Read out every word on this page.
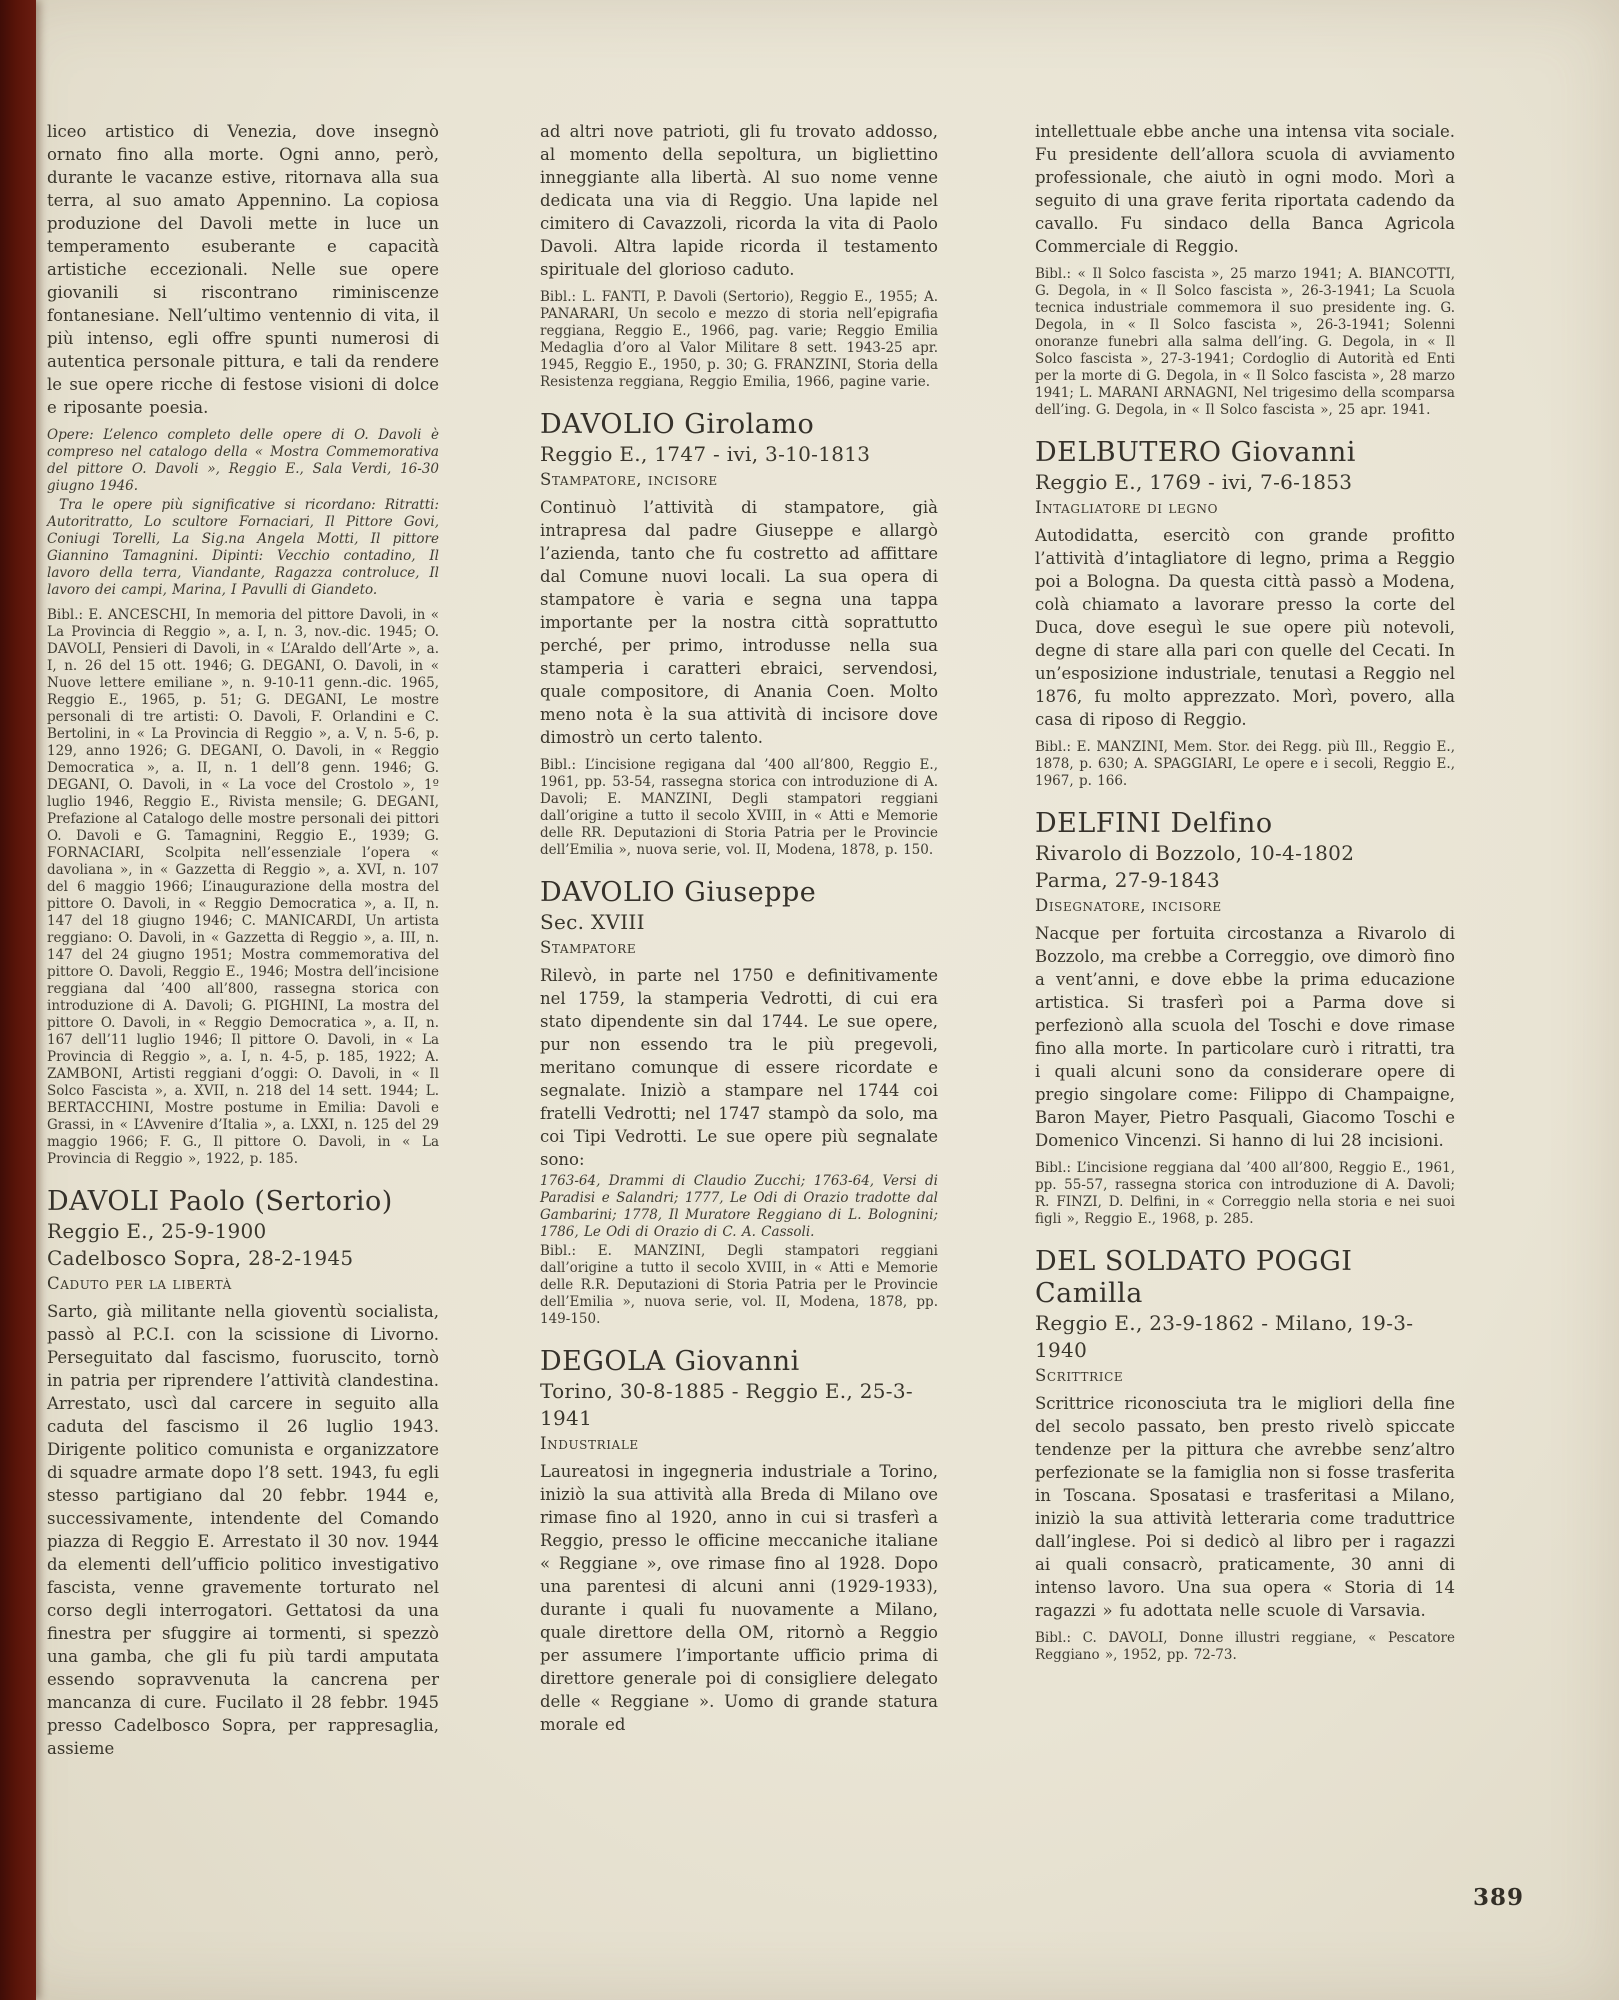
liceo artistico di Venezia, dove insegnò ornato fino alla morte. Ogni anno, però, durante le vacanze estive, ritornava alla sua terra, al suo amato Appennino. La copiosa produzione del Davoli mette in luce un temperamento esuberante e capacità artistiche eccezionali. Nelle sue opere giovanili si riscontrano riminiscenze fontanesiane. Nell’ultimo ventennio di vita, il più intenso, egli offre spunti numerosi di autentica personale pittura, e tali da rendere le sue opere ricche di festose visioni di dolce e riposante poesia.

Opere: L’elenco completo delle opere di O. Davoli è compreso nel catalogo della « Mostra Commemorativa del pittore O. Davoli », Reggio E., Sala Verdi, 16-30 giugno 1946.

Tra le opere più significative si ricordano: Ritratti: Autoritratto, Lo scultore Fornaciari, Il Pittore Govi, Coniugi Torelli, La Sig.na Angela Motti, Il pittore Giannino Tamagnini. Dipinti: Vecchio contadino, Il lavoro della terra, Viandante, Ragazza controluce, Il lavoro dei campi, Marina, I Pavulli di Giandeto.

Bibl.: E. ANCESCHI, In memoria del pittore Davoli, in « La Provincia di Reggio », a. I, n. 3, nov.-dic. 1945; O. DAVOLI, Pensieri di Davoli, in « L’Araldo dell’Arte », a. I, n. 26 del 15 ott. 1946; G. DEGANI, O. Davoli, in « Nuove lettere emiliane », n. 9-10-11 genn.-dic. 1965, Reggio E., 1965, p. 51; G. DEGANI, Le mostre personali di tre artisti: O. Davoli, F. Orlandini e C. Bertolini, in « La Provincia di Reggio », a. V, n. 5-6, p. 129, anno 1926; G. DEGANI, O. Davoli, in « Reggio Democratica », a. II, n. 1 dell’8 genn. 1946; G. DEGANI, O. Davoli, in « La voce del Crostolo », 1º luglio 1946, Reggio E., Rivista mensile; G. DEGANI, Prefazione al Catalogo delle mostre personali dei pittori O. Davoli e G. Tamagnini, Reggio E., 1939; G. FORNACIARI, Scolpita nell’essenziale l’opera « davoliana », in « Gazzetta di Reggio », a. XVI, n. 107 del 6 maggio 1966; L’inaugurazione della mostra del pittore O. Davoli, in « Reggio Democratica », a. II, n. 147 del 18 giugno 1946; C. MANICARDI, Un artista reggiano: O. Davoli, in « Gazzetta di Reggio », a. III, n. 147 del 24 giugno 1951; Mostra commemorativa del pittore O. Davoli, Reggio E., 1946; Mostra dell’incisione reggiana dal ’400 all’800, rassegna storica con introduzione di A. Davoli; G. PIGHINI, La mostra del pittore O. Davoli, in « Reggio Democratica », a. II, n. 167 dell’11 luglio 1946; Il pittore O. Davoli, in « La Provincia di Reggio », a. I, n. 4-5, p. 185, 1922; A. ZAMBONI, Artisti reggiani d’oggi: O. Davoli, in « Il Solco Fascista », a. XVII, n. 218 del 14 sett. 1944; L. BERTACCHINI, Mostre postume in Emilia: Davoli e Grassi, in « L’Avvenire d’Italia », a. LXXI, n. 125 del 29 maggio 1966; F. G., Il pittore O. Davoli, in « La Provincia di Reggio », 1922, p. 185.

DAVOLI Paolo (Sertorio)

Reggio E., 25-9-1900

Cadelbosco Sopra, 28-2-1945

Caduto per la libertà

Sarto, già militante nella gioventù socialista, passò al P.C.I. con la scissione di Livorno. Perseguitato dal fascismo, fuoruscito, tornò in patria per riprendere l’attività clandestina. Arrestato, uscì dal carcere in seguito alla caduta del fascismo il 26 luglio 1943. Dirigente politico comunista e organizzatore di squadre armate dopo l’8 sett. 1943, fu egli stesso partigiano dal 20 febbr. 1944 e, successivamente, intendente del Comando piazza di Reggio E. Arrestato il 30 nov. 1944 da elementi dell’ufficio politico investigativo fascista, venne gravemente torturato nel corso degli interrogatori. Gettatosi da una finestra per sfuggire ai tormenti, si spezzò una gamba, che gli fu più tardi amputata essendo sopravvenuta la cancrena per mancanza di cure. Fucilato il 28 febbr. 1945 presso Cadelbosco Sopra, per rappresaglia, assieme

ad altri nove patrioti, gli fu trovato addosso, al momento della sepoltura, un bigliettino inneggiante alla libertà. Al suo nome venne dedicata una via di Reggio. Una lapide nel cimitero di Cavazzoli, ricorda la vita di Paolo Davoli. Altra lapide ricorda il testamento spirituale del glorioso caduto.

Bibl.: L. FANTI, P. Davoli (Sertorio), Reggio E., 1955; A. PANARARI, Un secolo e mezzo di storia nell’epigrafia reggiana, Reggio E., 1966, pag. varie; Reggio Emilia Medaglia d’oro al Valor Militare 8 sett. 1943-25 apr. 1945, Reggio E., 1950, p. 30; G. FRANZINI, Storia della Resistenza reggiana, Reggio Emilia, 1966, pagine varie.

DAVOLIO Girolamo

Reggio E., 1747 - ivi, 3-10-1813

Stampatore, incisore

Continuò l’attività di stampatore, già intrapresa dal padre Giuseppe e allargò l’azienda, tanto che fu costretto ad affittare dal Comune nuovi locali. La sua opera di stampatore è varia e segna una tappa importante per la nostra città soprattutto perché, per primo, introdusse nella sua stamperia i caratteri ebraici, servendosi, quale compositore, di Anania Coen. Molto meno nota è la sua attività di incisore dove dimostrò un certo talento.

Bibl.: L’incisione regigana dal ’400 all’800, Reggio E., 1961, pp. 53-54, rassegna storica con introduzione di A. Davoli; E. MANZINI, Degli stampatori reggiani dall’origine a tutto il secolo XVIII, in « Atti e Memorie delle RR. Deputazioni di Storia Patria per le Provincie dell’Emilia », nuova serie, vol. II, Modena, 1878, p. 150.

DAVOLIO Giuseppe

Sec. XVIII

Stampatore

Rilevò, in parte nel 1750 e definitivamente nel 1759, la stamperia Vedrotti, di cui era stato dipendente sin dal 1744. Le sue opere, pur non essendo tra le più pregevoli, meritano comunque di essere ricordate e segnalate. Iniziò a stampare nel 1744 coi fratelli Vedrotti; nel 1747 stampò da solo, ma coi Tipi Vedrotti. Le sue opere più segnalate sono:

1763-64, Drammi di Claudio Zucchi; 1763-64, Versi di Paradisi e Salandri; 1777, Le Odi di Orazio tradotte dal Gambarini; 1778, Il Muratore Reggiano di L. Bolognini; 1786, Le Odi di Orazio di C. A. Cassoli.

Bibl.: E. MANZINI, Degli stampatori reggiani dall’origine a tutto il secolo XVIII, in « Atti e Memorie delle R.R. Deputazioni di Storia Patria per le Provincie dell’Emilia », nuova serie, vol. II, Modena, 1878, pp. 149-150.

DEGOLA Giovanni

Torino, 30-8-1885 - Reggio E., 25-3-1941

Industriale

Laureatosi in ingegneria industriale a Torino, iniziò la sua attività alla Breda di Milano ove rimase fino al 1920, anno in cui si trasferì a Reggio, presso le officine meccaniche italiane « Reggiane », ove rimase fino al 1928. Dopo una parentesi di alcuni anni (1929-1933), durante i quali fu nuovamente a Milano, quale direttore della OM, ritornò a Reggio per assumere l’importante ufficio prima di direttore generale poi di consigliere delegato delle « Reggiane ». Uomo di grande statura morale ed

intellettuale ebbe anche una intensa vita sociale. Fu presidente dell’allora scuola di avviamento professionale, che aiutò in ogni modo. Morì a seguito di una grave ferita riportata cadendo da cavallo. Fu sindaco della Banca Agricola Commerciale di Reggio.

Bibl.: « Il Solco fascista », 25 marzo 1941; A. BIANCOTTI, G. Degola, in « Il Solco fascista », 26-3-1941; La Scuola tecnica industriale commemora il suo presidente ing. G. Degola, in « Il Solco fascista », 26-3-1941; Solenni onoranze funebri alla salma dell’ing. G. Degola, in « Il Solco fascista », 27-3-1941; Cordoglio di Autorità ed Enti per la morte di G. Degola, in « Il Solco fascista », 28 marzo 1941; L. MARANI ARNAGNI, Nel trigesimo della scomparsa dell’ing. G. Degola, in « Il Solco fascista », 25 apr. 1941.

DELBUTERO Giovanni

Reggio E., 1769 - ivi, 7-6-1853

Intagliatore di legno

Autodidatta, esercitò con grande profitto l’attività d’intagliatore di legno, prima a Reggio poi a Bologna. Da questa città passò a Modena, colà chiamato a lavorare presso la corte del Duca, dove eseguì le sue opere più notevoli, degne di stare alla pari con quelle del Cecati. In un’esposizione industriale, tenutasi a Reggio nel 1876, fu molto apprezzato. Morì, povero, alla casa di riposo di Reggio.

Bibl.: E. MANZINI, Mem. Stor. dei Regg. più Ill., Reggio E., 1878, p. 630; A. SPAGGIARI, Le opere e i secoli, Reggio E., 1967, p. 166.

DELFINI Delfino

Rivarolo di Bozzolo, 10-4-1802

Parma, 27-9-1843

Disegnatore, incisore

Nacque per fortuita circostanza a Rivarolo di Bozzolo, ma crebbe a Correggio, ove dimorò fino a vent’anni, e dove ebbe la prima educazione artistica. Si trasferì poi a Parma dove si perfezionò alla scuola del Toschi e dove rimase fino alla morte. In particolare curò i ritratti, tra i quali alcuni sono da considerare opere di pregio singolare come: Filippo di Champaigne, Baron Mayer, Pietro Pasquali, Giacomo Toschi e Domenico Vincenzi. Si hanno di lui 28 incisioni.

Bibl.: L’incisione reggiana dal ’400 all’800, Reggio E., 1961, pp. 55-57, rassegna storica con introduzione di A. Davoli; R. FINZI, D. Delfini, in « Correggio nella storia e nei suoi figli », Reggio E., 1968, p. 285.

DEL SOLDATO POGGI Camilla

Reggio E., 23-9-1862 - Milano, 19-3-1940

Scrittrice

Scrittrice riconosciuta tra le migliori della fine del secolo passato, ben presto rivelò spiccate tendenze per la pittura che avrebbe senz’altro perfezionate se la famiglia non si fosse trasferita in Toscana. Sposatasi e trasferitasi a Milano, iniziò la sua attività letteraria come traduttrice dall’inglese. Poi si dedicò al libro per i ragazzi ai quali consacrò, praticamente, 30 anni di intenso lavoro. Una sua opera « Storia di 14 ragazzi » fu adottata nelle scuole di Varsavia.

Bibl.: C. DAVOLI, Donne illustri reggiane, « Pescatore Reggiano », 1952, pp. 72-73.

389
